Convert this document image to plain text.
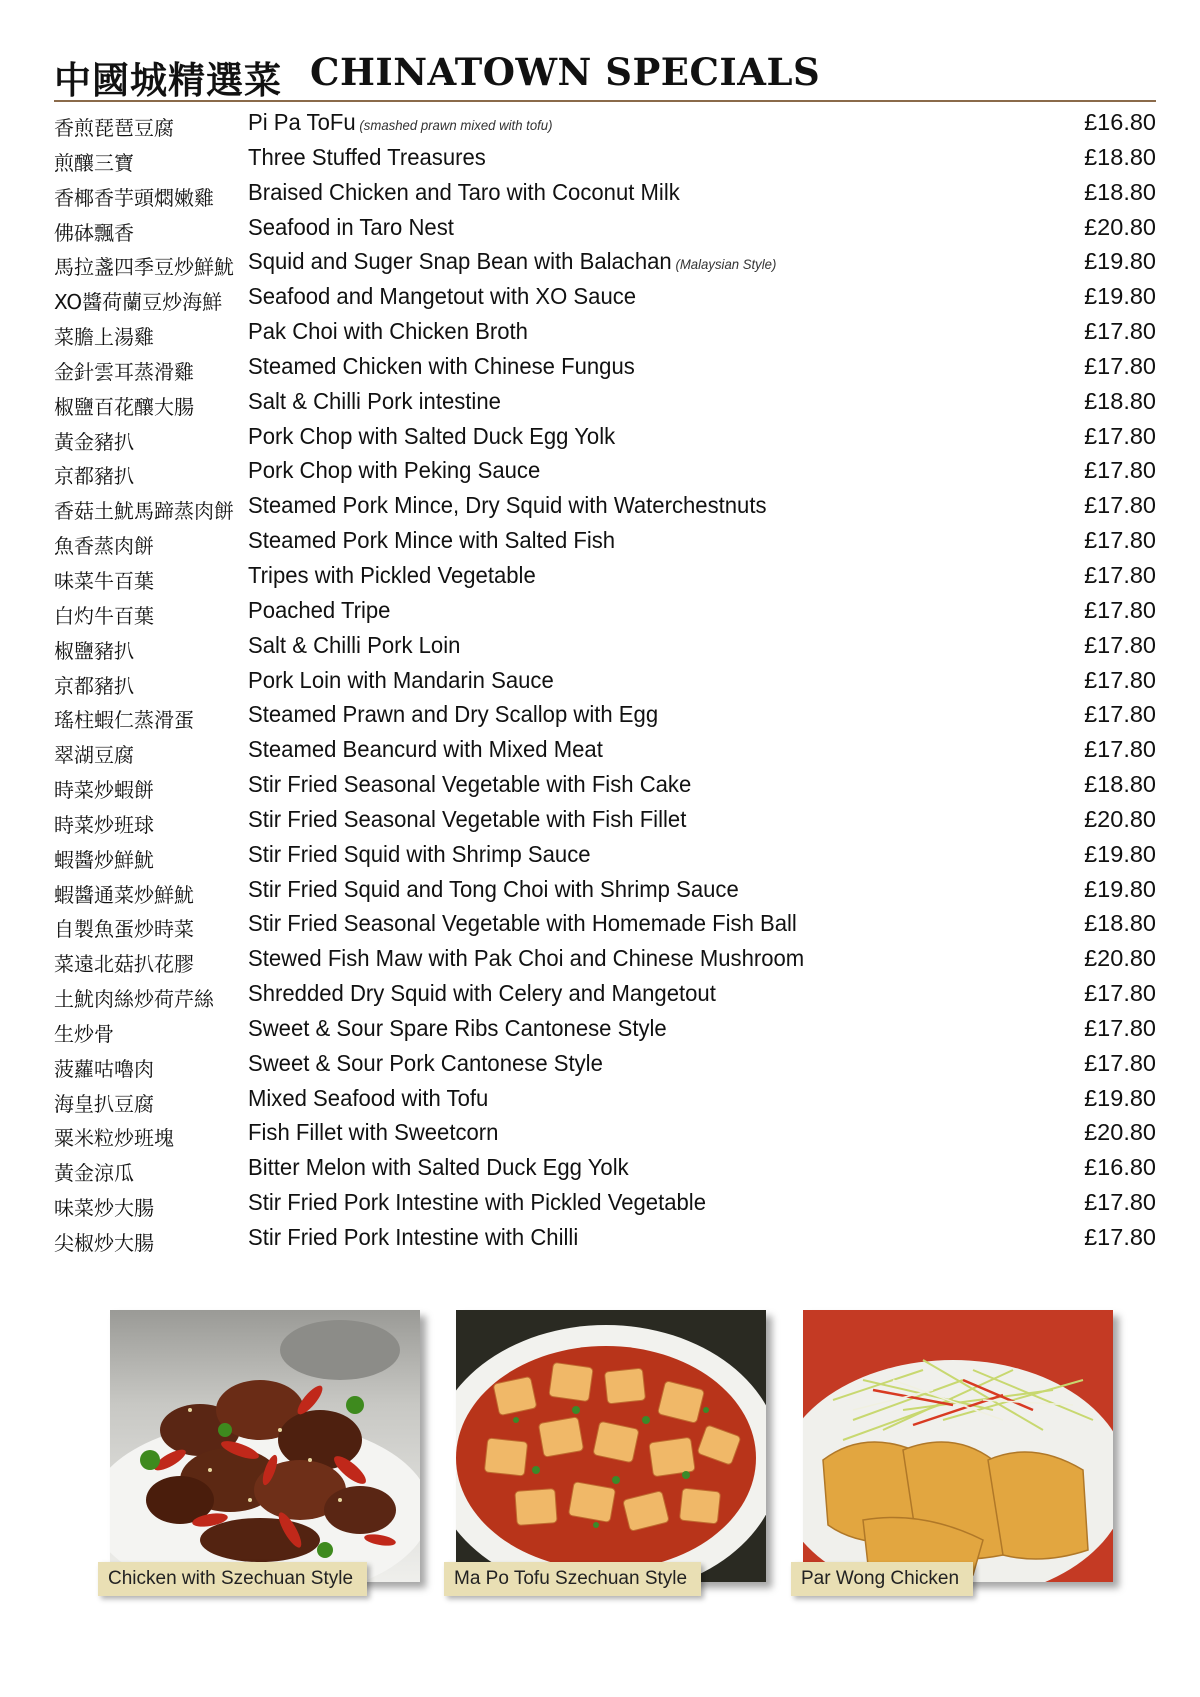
中國城精選菜 CHINATOWN SPECIALS
香煎琵琶豆腐	Pi Pa ToFu (smashed prawn mixed with tofu)	£16.80
煎釀三寶	Three Stuffed Treasures	£18.80
香椰香芋頭燜嫩雞 Braised Chicken and Taro with Coconut Milk	£18.80
佛砵飄香	Seafood in Taro Nest	£20.80
馬拉盞四季豆炒鮮魷 Squid and Suger Snap Bean with Balachan (Malaysian Style)	£19.80
XO醬荷蘭豆炒海鮮 Seafood and Mangetout with XO Sauce	£19.80
菜膽上湯雞	Pak Choi with Chicken Broth	£17.80
金針雲耳蒸滑雞 Steamed Chicken with Chinese Fungus	£17.80
椒鹽百花釀大腸 Salt & Chilli Pork intestine	£18.80
黃金豬扒	Pork Chop with Salted Duck Egg Yolk	£17.80
京都豬扒	Pork Chop with Peking Sauce	£17.80
香菇土魷馬蹄蒸肉餅 Steamed Pork Mince, Dry Squid with Waterchestnuts	£17.80
魚香蒸肉餅	Steamed Pork Mince with Salted Fish	£17.80
味菜牛百葉	Tripes with Pickled Vegetable	£17.80
白灼牛百葉	Poached Tripe	£17.80
椒鹽豬扒	Salt & Chilli Pork Loin	£17.80
京都豬扒	Pork Loin with Mandarin Sauce	£17.80
瑤柱蝦仁蒸滑蛋 Steamed Prawn and Dry Scallop with Egg	£17.80
翠湖豆腐	Steamed Beancurd with Mixed Meat	£17.80
時菜炒蝦餅	Stir Fried Seasonal Vegetable with Fish Cake	£18.80
時菜炒班球	Stir Fried Seasonal Vegetable with Fish Fillet	£20.80
蝦醬炒鮮魷	Stir Fried Squid with Shrimp Sauce	£19.80
蝦醬通菜炒鮮魷 Stir Fried Squid and Tong Choi with Shrimp Sauce	£19.80
自製魚蛋炒時菜 Stir Fried Seasonal Vegetable with Homemade Fish Ball	£18.80
菜遠北菇扒花膠 Stewed Fish Maw with Pak Choi and Chinese Mushroom	£20.80
土魷肉絲炒荷芹絲 Shredded Dry Squid with Celery and Mangetout	£17.80
生炒骨	Sweet & Sour Spare Ribs Cantonese Style	£17.80
菠蘿咕嚕肉	Sweet & Sour Pork Cantonese Style	£17.80
海皇扒豆腐	Mixed Seafood with Tofu	£19.80
粟米粒炒班塊	Fish Fillet with Sweetcorn	£20.80
黃金涼瓜	Bitter Melon with Salted Duck Egg Yolk	£16.80
味菜炒大腸	Stir Fried Pork Intestine with Pickled Vegetable	£17.80
尖椒炒大腸	Stir Fried Pork Intestine with Chilli	£17.80
Chicken with Szechuan Style	Ma Po Tofu Szechuan Style	Par Wong Chicken
